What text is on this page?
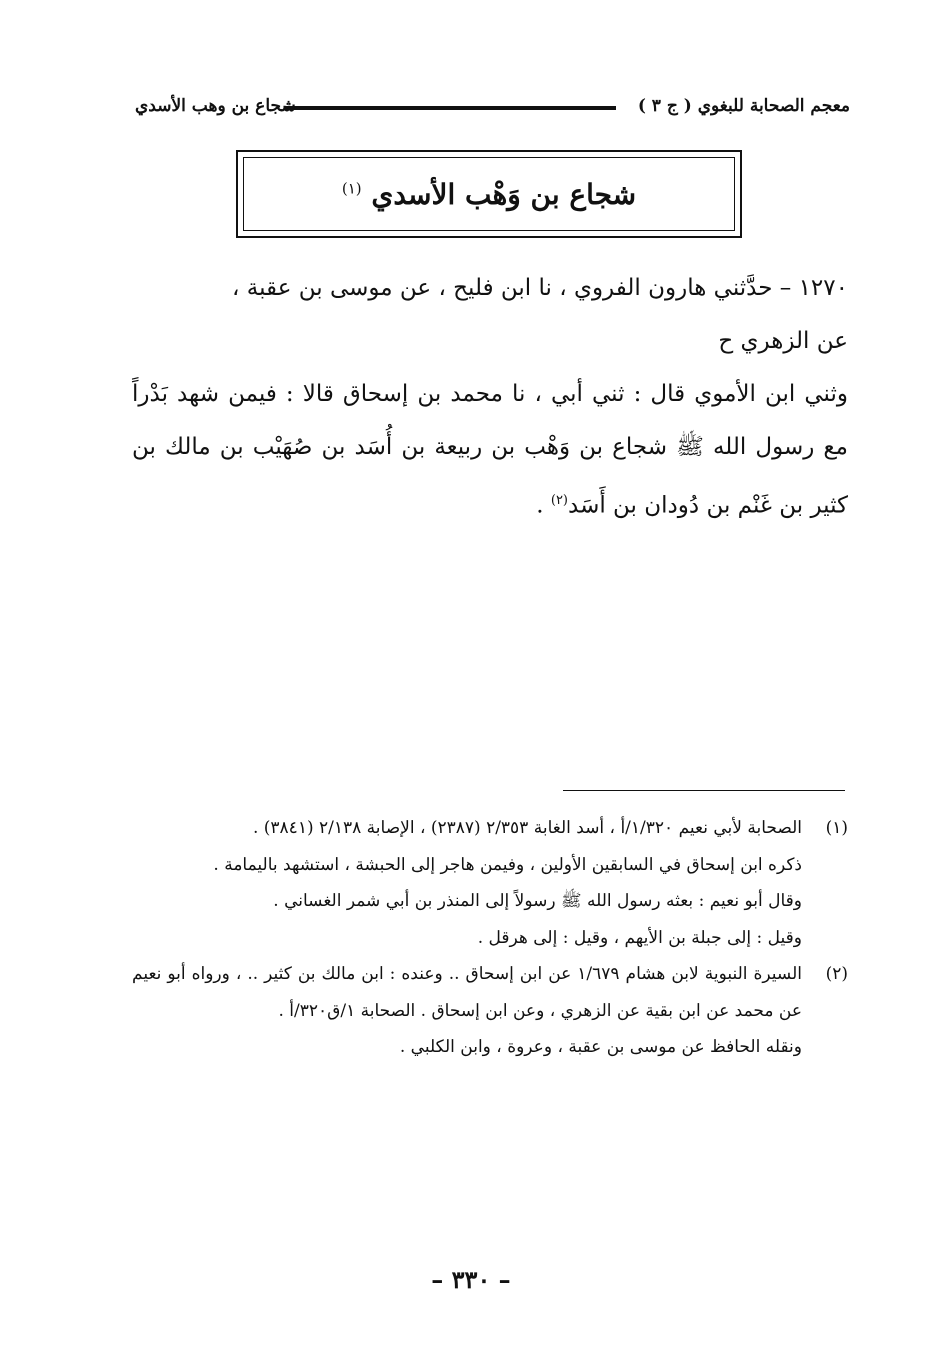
معجم الصحابة للبغوي ( ج ٣ )
شجاع بن وهب الأسدي
شجاع بن وَهْب الأسدي $^{(١)}$

١٢٧٠ – حدَّثني هارون الفروي ، نا ابن فليح ، عن موسى بن عقبة ،

عن الزهري ح

وثني ابن الأموي قال : ثني أبي ، نا محمد بن إسحاق قالا : فيمن شهد بَدْراً مع رسول الله ﷺ شجاع بن وَهْب بن ربيعة بن أُسَد بن صُهَيْب بن مالك بن كثير بن غَنْم بن دُودان بن أَسَد$^{(٢)}$ .

(١)

الصحابة لأبي نعيم ١/٣٢٠/أ ، أسد الغابة ٢/٣٥٣ (٢٣٨٧) ، الإصابة ٢/١٣٨ (٣٨٤١) .

ذكره ابن إسحاق في السابقين الأولين ، وفيمن هاجر إلى الحبشة ، استشهد باليمامة .

وقال أبو نعيم : بعثه رسول الله ﷺ رسولاً إلى المنذر بن أبي شمر الغساني .

وقيل : إلى جبلة بن الأيهم ، وقيل : إلى هرقل .

(٢)

السيرة النبوية لابن هشام ١/٦٧٩ عن ابن إسحاق .. وعنده : ابن مالك بن كثير .. ، ورواه أبو نعيم عن محمد عن ابن بقية عن الزهري ، وعن ابن إسحاق . الصحابة ١/ق٣٢٠/أ .

ونقله الحافظ عن موسى بن عقبة ، وعروة ، وابن الكلبي .

– ٣٣٠ –
